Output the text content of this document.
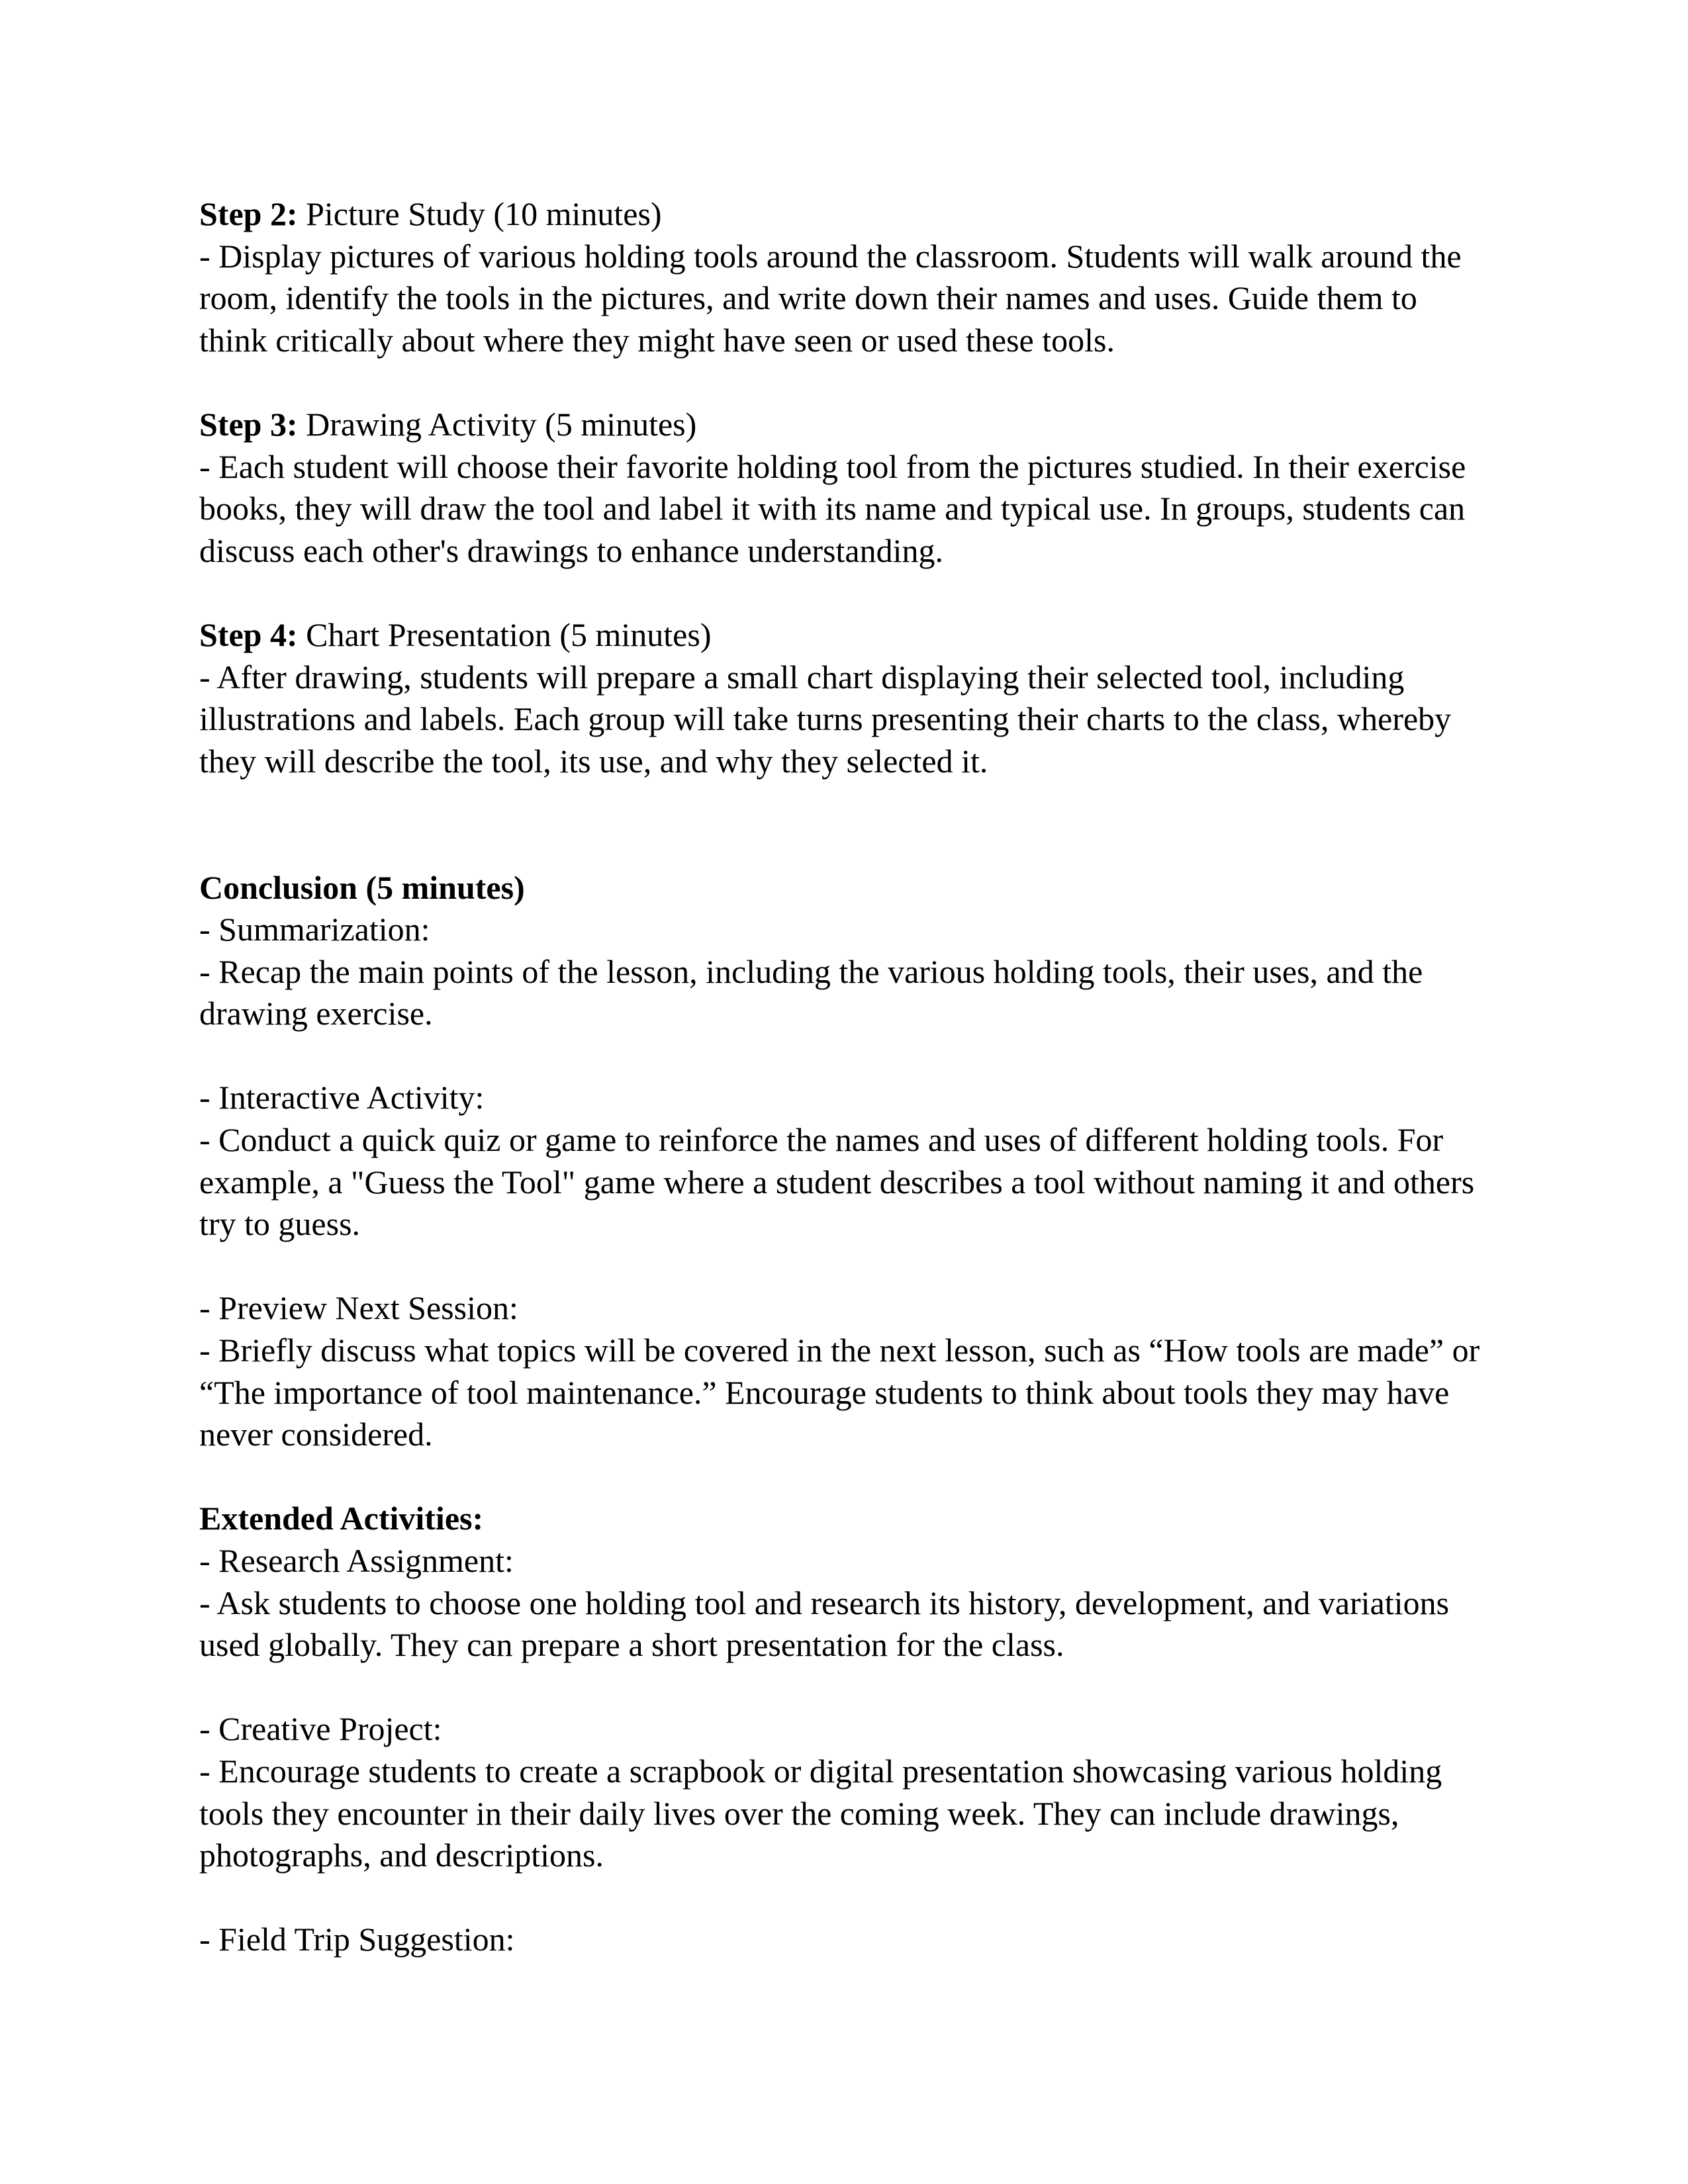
Step 2: Picture Study (10 minutes)
- Display pictures of various holding tools around the classroom. Students will walk around the
room, identify the tools in the pictures, and write down their names and uses. Guide them to
think critically about where they might have seen or used these tools.
Step 3: Drawing Activity (5 minutes)
- Each student will choose their favorite holding tool from the pictures studied. In their exercise
books, they will draw the tool and label it with its name and typical use. In groups, students can
discuss each other's drawings to enhance understanding.
Step 4: Chart Presentation (5 minutes)
- After drawing, students will prepare a small chart displaying their selected tool, including
illustrations and labels. Each group will take turns presenting their charts to the class, whereby
they will describe the tool, its use, and why they selected it.
Conclusion (5 minutes)
- Summarization:
- Recap the main points of the lesson, including the various holding tools, their uses, and the
drawing exercise.
- Interactive Activity:
- Conduct a quick quiz or game to reinforce the names and uses of different holding tools. For
example, a "Guess the Tool" game where a student describes a tool without naming it and others
try to guess.
- Preview Next Session:
- Briefly discuss what topics will be covered in the next lesson, such as “How tools are made” or
“The importance of tool maintenance.” Encourage students to think about tools they may have
never considered.
Extended Activities:
- Research Assignment:
- Ask students to choose one holding tool and research its history, development, and variations
used globally. They can prepare a short presentation for the class.
- Creative Project:
- Encourage students to create a scrapbook or digital presentation showcasing various holding
tools they encounter in their daily lives over the coming week. They can include drawings,
photographs, and descriptions.
- Field Trip Suggestion:
